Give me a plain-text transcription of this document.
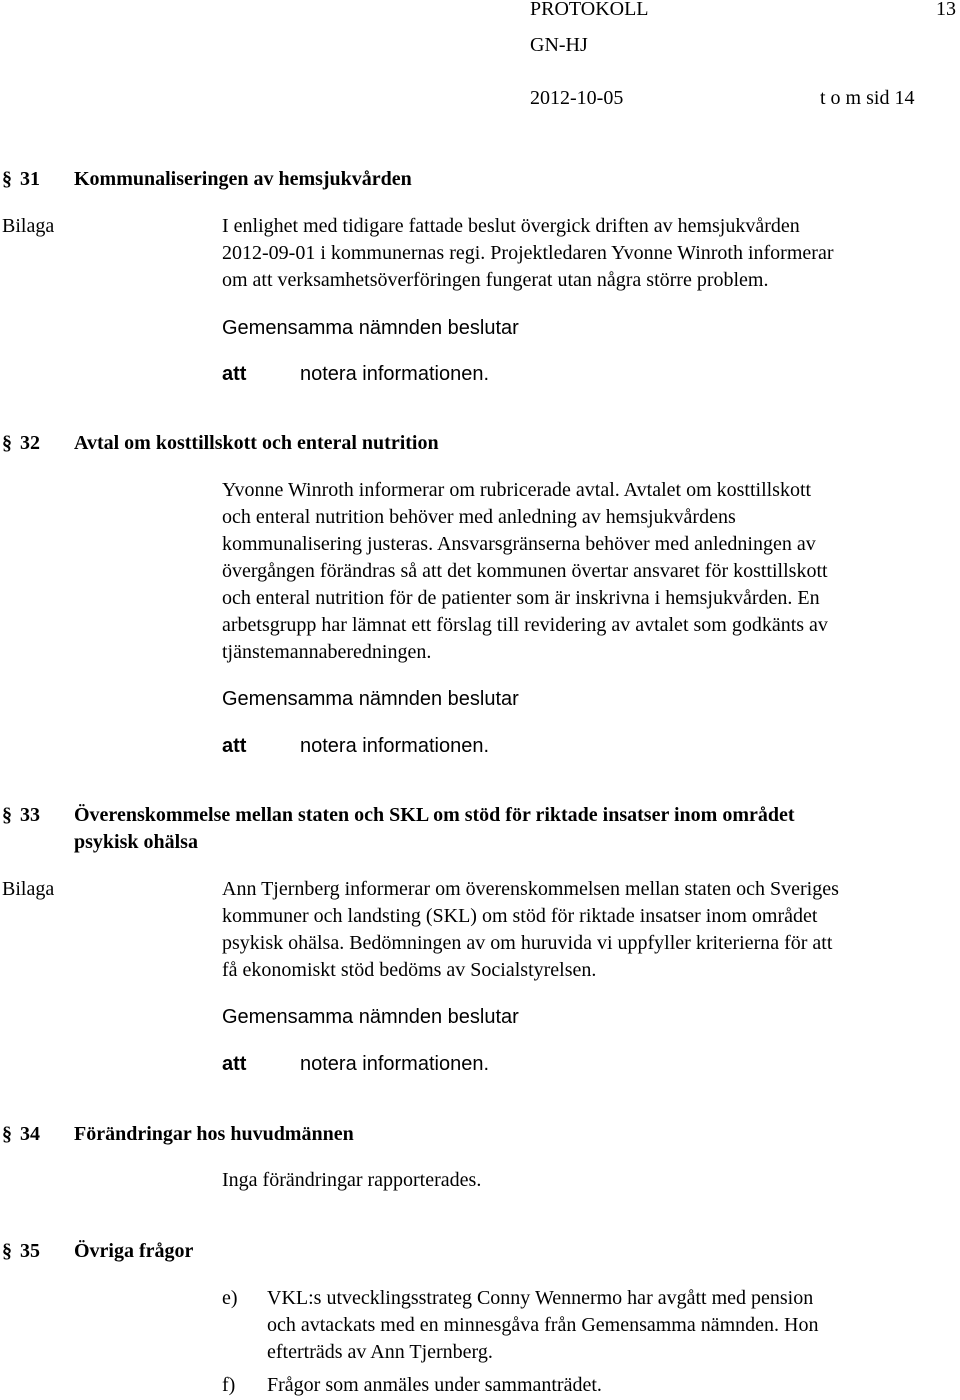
PROTOKOLL	13
GN-HJ
2012-10-05	t o m sid 14
§ 31 Kommunaliseringen av hemsjukvården
Bilaga	I enlighet med tidigare fattade beslut övergick driften av hemsjukvården
2012-09-01 i kommunernas regi. Projektledaren Yvonne Winroth informerar
om att verksamhetsöverföringen fungerat utan några större problem.
Gemensamma nämnden beslutar
att	notera informationen.
§ 32 Avtal om kosttillskott och enteral nutrition
Yvonne Winroth informerar om rubricerade avtal. Avtalet om kosttillskott
och enteral nutrition behöver med anledning av hemsjukvårdens
kommunalisering justeras. Ansvarsgränserna behöver med anledningen av
övergången förändras så att det kommunen övertar ansvaret för kosttillskott
och enteral nutrition för de patienter som är inskrivna i hemsjukvården. En
arbetsgrupp har lämnat ett förslag till revidering av avtalet som godkänts av
tjänstemannaberedningen.
Gemensamma nämnden beslutar
att	notera informationen.
§ 33 Överenskommelse mellan staten och SKL om stöd för riktade insatser inom området
psykisk ohälsa
Bilaga	Ann Tjernberg informerar om överenskommelsen mellan staten och Sveriges
kommuner och landsting (SKL) om stöd för riktade insatser inom området
psykisk ohälsa. Bedömningen av om huruvida vi uppfyller kriterierna för att
få ekonomiskt stöd bedöms av Socialstyrelsen.
Gemensamma nämnden beslutar
att	notera informationen.
§ 34 Förändringar hos huvudmännen
Inga förändringar rapporterades.
§ 35 Övriga frågor
e) VKL:s utvecklingsstrateg Conny Wennermo har avgått med pension
och avtackats med en minnesgåva från Gemensamma nämnden. Hon
efterträds av Ann Tjernberg.
f) Frågor som anmäles under sammanträdet.
